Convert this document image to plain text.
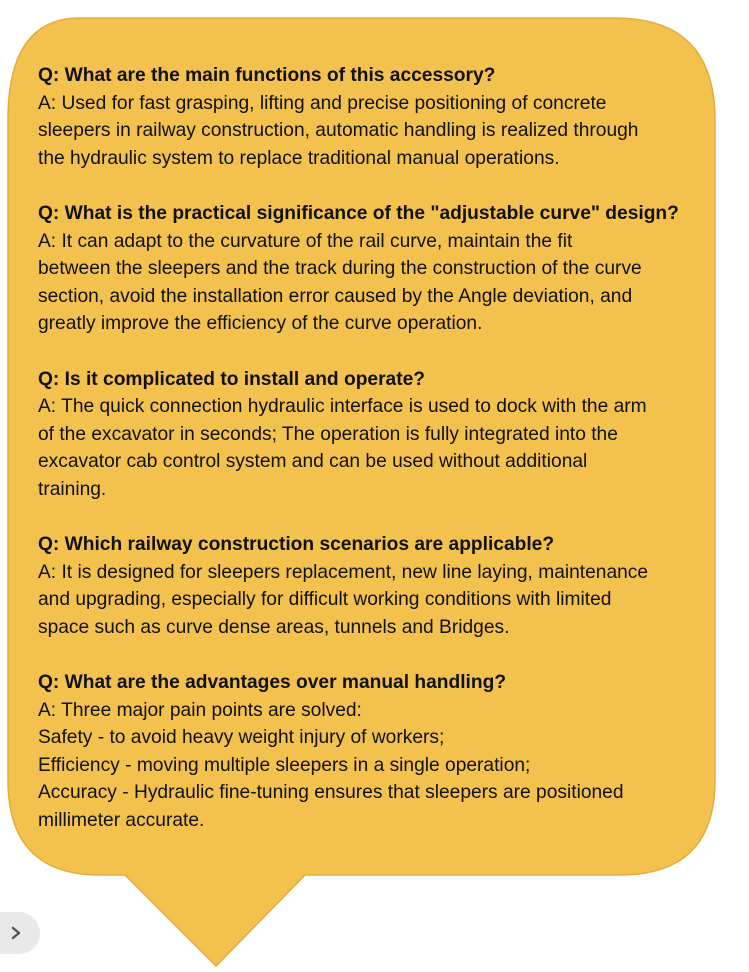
Q: What are the main functions of this accessory?
A: Used for fast grasping, lifting and precise positioning of concrete
sleepers in railway construction, automatic handling is realized through
the hydraulic system to replace traditional manual operations.
Q: What is the practical significance of the "adjustable curve" design?
A: It can adapt to the curvature of the rail curve, maintain the fit
between the sleepers and the track during the construction of the curve
section, avoid the installation error caused by the Angle deviation, and
greatly improve the efficiency of the curve operation.
Q: Is it complicated to install and operate?
A: The quick connection hydraulic interface is used to dock with the arm
of the excavator in seconds; The operation is fully integrated into the
excavator cab control system and can be used without additional
training.
Q: Which railway construction scenarios are applicable?
A: It is designed for sleepers replacement, new line laying, maintenance
and upgrading, especially for difficult working conditions with limited
space such as curve dense areas, tunnels and Bridges.
Q: What are the advantages over manual handling?
A: Three major pain points are solved:
Safety - to avoid heavy weight injury of workers;
Efficiency - moving multiple sleepers in a single operation;
Accuracy - Hydraulic fine-tuning ensures that sleepers are positioned
millimeter accurate.
